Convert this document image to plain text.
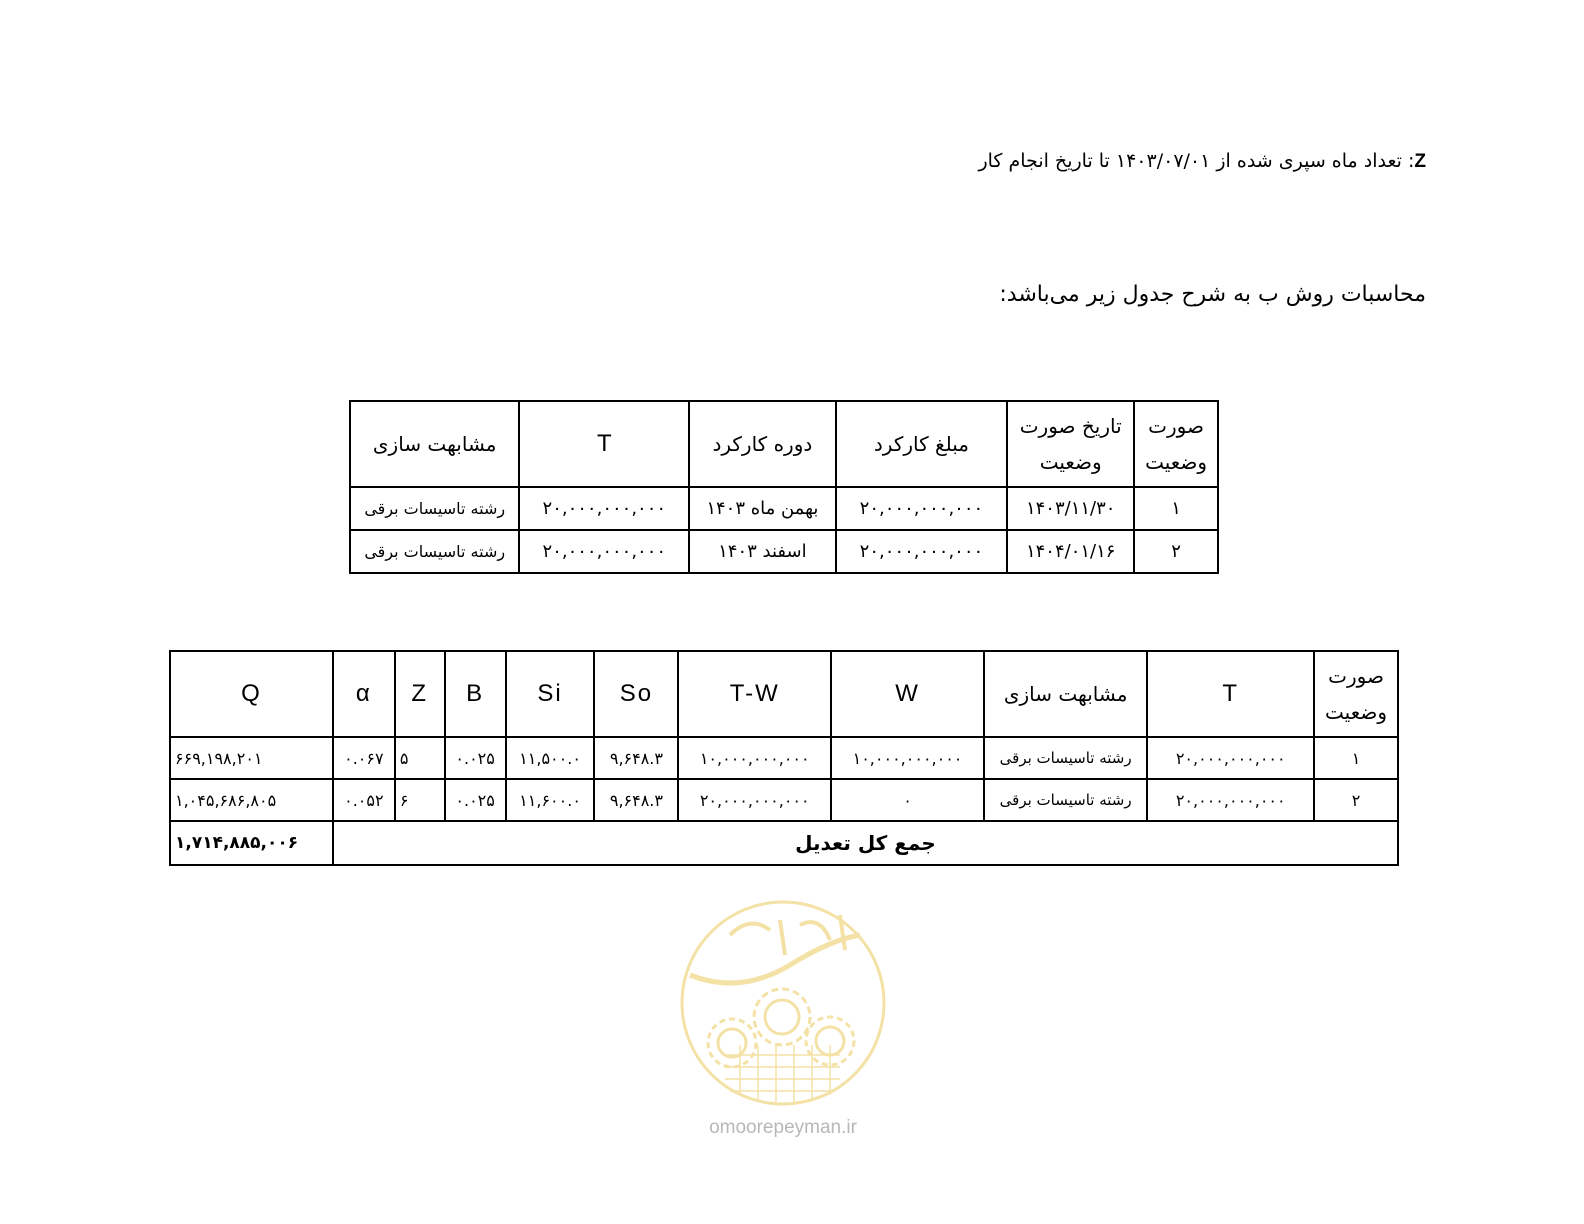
Z: تعداد ماه سپری شده از ۱۴۰۳/۰۷/۰۱ تا تاریخ انجام کار
محاسبات روش ب به شرح جدول زیر می‌باشد:
صورت وضعیت	تاریخ صورت وضعیت	مبلغ کارکرد	دوره کارکرد	T	مشابهت سازی
۱	۱۴۰۳/۱۱/۳۰	۲۰,۰۰۰,۰۰۰,۰۰۰	بهمن ماه ۱۴۰۳	۲۰,۰۰۰,۰۰۰,۰۰۰	رشته تاسیسات برقی
۲	۱۴۰۴/۰۱/۱۶	۲۰,۰۰۰,۰۰۰,۰۰۰	اسفند ۱۴۰۳	۲۰,۰۰۰,۰۰۰,۰۰۰	رشته تاسیسات برقی
صورت وضعیت	T	مشابهت سازی	W	T-W	So	Si	B	Z	α	Q
۱	۲۰,۰۰۰,۰۰۰,۰۰۰	رشته تاسیسات برقی	۱۰,۰۰۰,۰۰۰,۰۰۰	۱۰,۰۰۰,۰۰۰,۰۰۰	۹,۶۴۸.۳	۱۱,۵۰۰.۰	۰.۰۲۵	۵	۰.۰۶۷	۶۶۹,۱۹۸,۲۰۱
۲	۲۰,۰۰۰,۰۰۰,۰۰۰	رشته تاسیسات برقی	۰	۲۰,۰۰۰,۰۰۰,۰۰۰	۹,۶۴۸.۳	۱۱,۶۰۰.۰	۰.۰۲۵	۶	۰.۰۵۲	۱,۰۴۵,۶۸۶,۸۰۵
جمع کل تعدیل										۱,۷۱۴,۸۸۵,۰۰۶
omoorepeyman.ir
